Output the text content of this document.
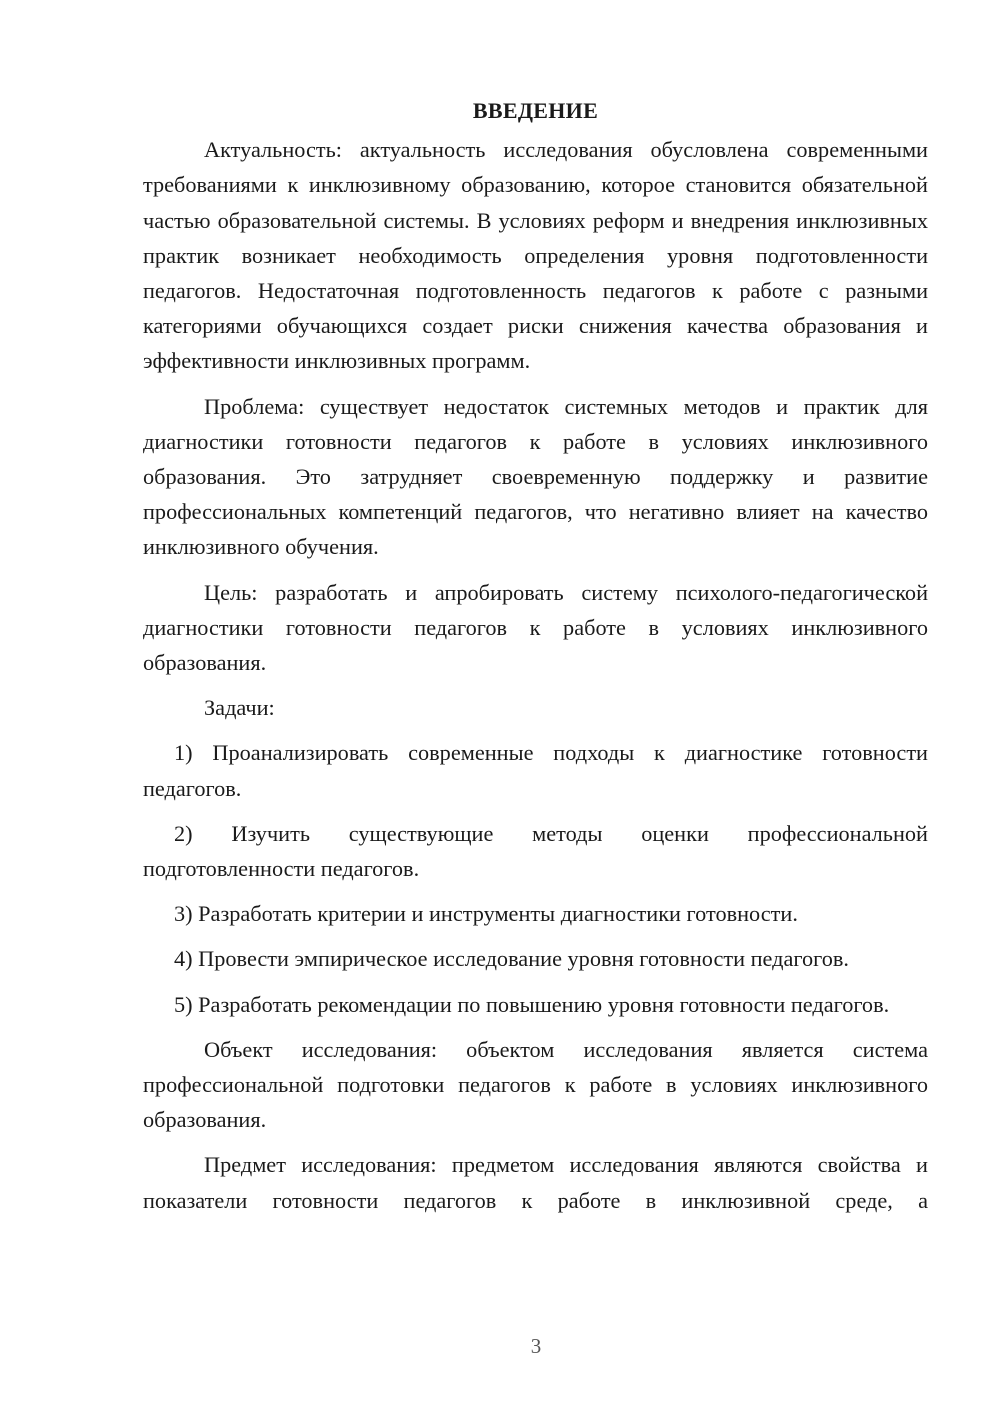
ВВЕДЕНИЕ

Актуальность: актуальность исследования обусловлена современными требованиями к инклюзивному образованию, которое становится обязательной частью образовательной системы. В условиях реформ и внедрения инклюзивных практик возникает необходимость определения уровня подготовленности педагогов. Недостаточная подготовленность педагогов к работе с разными категориями обучающихся создает риски снижения качества образования и эффективности инклюзивных программ.

Проблема: существует недостаток системных методов и практик для диагностики готовности педагогов к работе в условиях инклюзивного образования. Это затрудняет своевременную поддержку и развитие профессиональных компетенций педагогов, что негативно влияет на качество инклюзивного обучения.

Цель: разработать и апробировать систему психолого-педагогической диагностики готовности педагогов к работе в условиях инклюзивного образования.

Задачи:

1) Проанализировать современные подходы к диагностике готовности педагогов.

2) Изучить существующие методы оценки профессиональной подготовленности педагогов.

3) Разработать критерии и инструменты диагностики готовности.

4) Провести эмпирическое исследование уровня готовности педагогов.

5) Разработать рекомендации по повышению уровня готовности педагогов.

Объект исследования: объектом исследования является система профессиональной подготовки педагогов к работе в условиях инклюзивного образования.

Предмет исследования: предметом исследования являются свойства и показатели готовности педагогов к работе в инклюзивной среде, а

3
